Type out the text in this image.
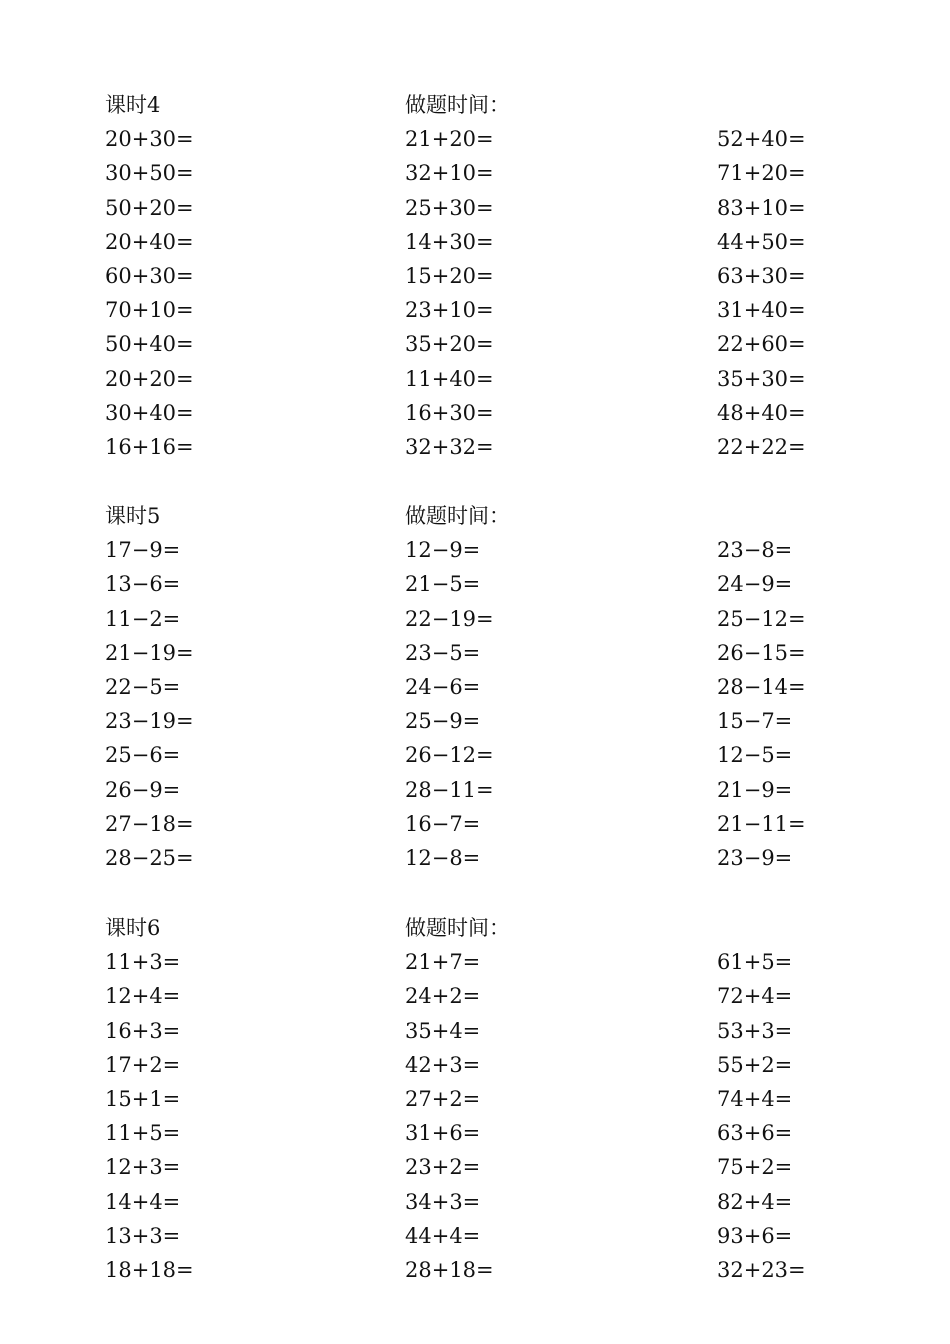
课时4	做题时间：
20+30=	21+20=	52+40=
30+50=	32+10=	71+20=
50+20=	25+30=	83+10=
20+40=	14+30=	44+50=
60+30=	15+20=	63+30=
70+10=	23+10=	31+40=
50+40=	35+20=	22+60=
20+20=	11+40=	35+30=
30+40=	16+30=	48+40=
16+16=	32+32=	22+22=
课时5	做题时间：
17−9=	12−9=	23−8=
13−6=	21−5=	24−9=
11−2=	22−19=	25−12=
21−19=	23−5=	26−15=
22−5=	24−6=	28−14=
23−19=	25−9=	15−7=
25−6=	26−12=	12−5=
26−9=	28−11=	21−9=
27−18=	16−7=	21−11=
28−25=	12−8=	23−9=
课时6	做题时间：
11+3=	21+7=	61+5=
12+4=	24+2=	72+4=
16+3=	35+4=	53+3=
17+2=	42+3=	55+2=
15+1=	27+2=	74+4=
11+5=	31+6=	63+6=
12+3=	23+2=	75+2=
14+4=	34+3=	82+4=
13+3=	44+4=	93+6=
18+18=	28+18=	32+23=
